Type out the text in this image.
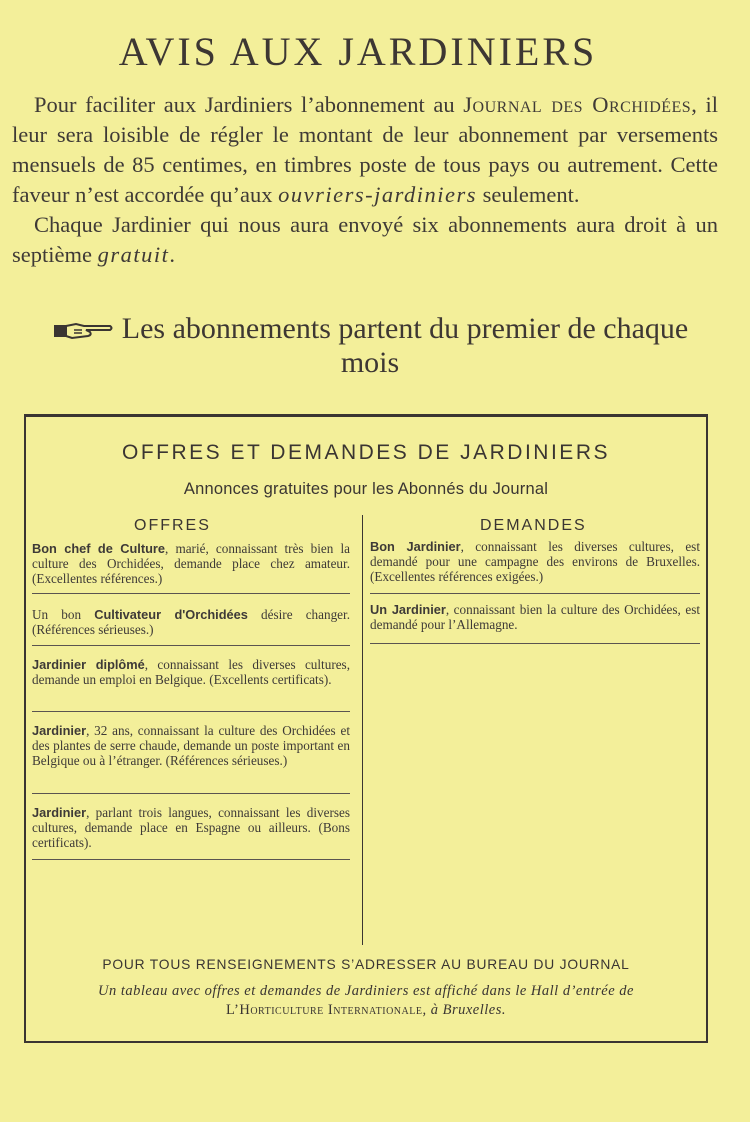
AVIS AUX JARDINIERS

Pour faciliter aux Jardiniers l’abonnement au Journal des Orchidées, il leur sera loisible de régler le montant de leur abonnement par versements mensuels de 85 centimes, en timbres poste de tous pays ou autrement. Cette faveur n’est accordée qu’aux ouvriers-jardiniers seulement.

Chaque Jardinier qui nous aura envoyé six abonnements aura droit à un septième gratuit.

Les abonnements partent du premier de chaque mois
OFFRES ET DEMANDES DE JARDINIERS
Annonces gratuites pour les Abonnés du Journal
OFFRES	DEMANDES
Bon chef de Culture, marié, connaissant très bien la culture des Orchidées, demande place chez amateur. (Excellentes références.)
Un bon Cultivateur d'Orchidées désire changer. (Références sérieuses.)
Jardinier diplômé, connaissant les diverses cultures, demande un emploi en Belgique. (Excellents certificats).
Jardinier, 32 ans, connaissant la culture des Orchidées et des plantes de serre chaude, demande un poste important en Belgique ou à l’étranger. (Références sérieuses.)
Jardinier, parlant trois langues, connaissant les diverses cultures, demande place en Espagne ou ailleurs. (Bons certificats).
Bon Jardinier, connaissant les diverses cultures, est demandé pour une campagne des environs de Bruxelles. (Excellentes références exigées.)
Un Jardinier, connaissant bien la culture des Orchidées, est demandé pour l’Allemagne.
POUR TOUS RENSEIGNEMENTS S’ADRESSER AU BUREAU DU JOURNAL
Un tableau avec offres et demandes de Jardiniers est affiché dans le Hall d’entrée de
L’Horticulture Internationale, à Bruxelles.
